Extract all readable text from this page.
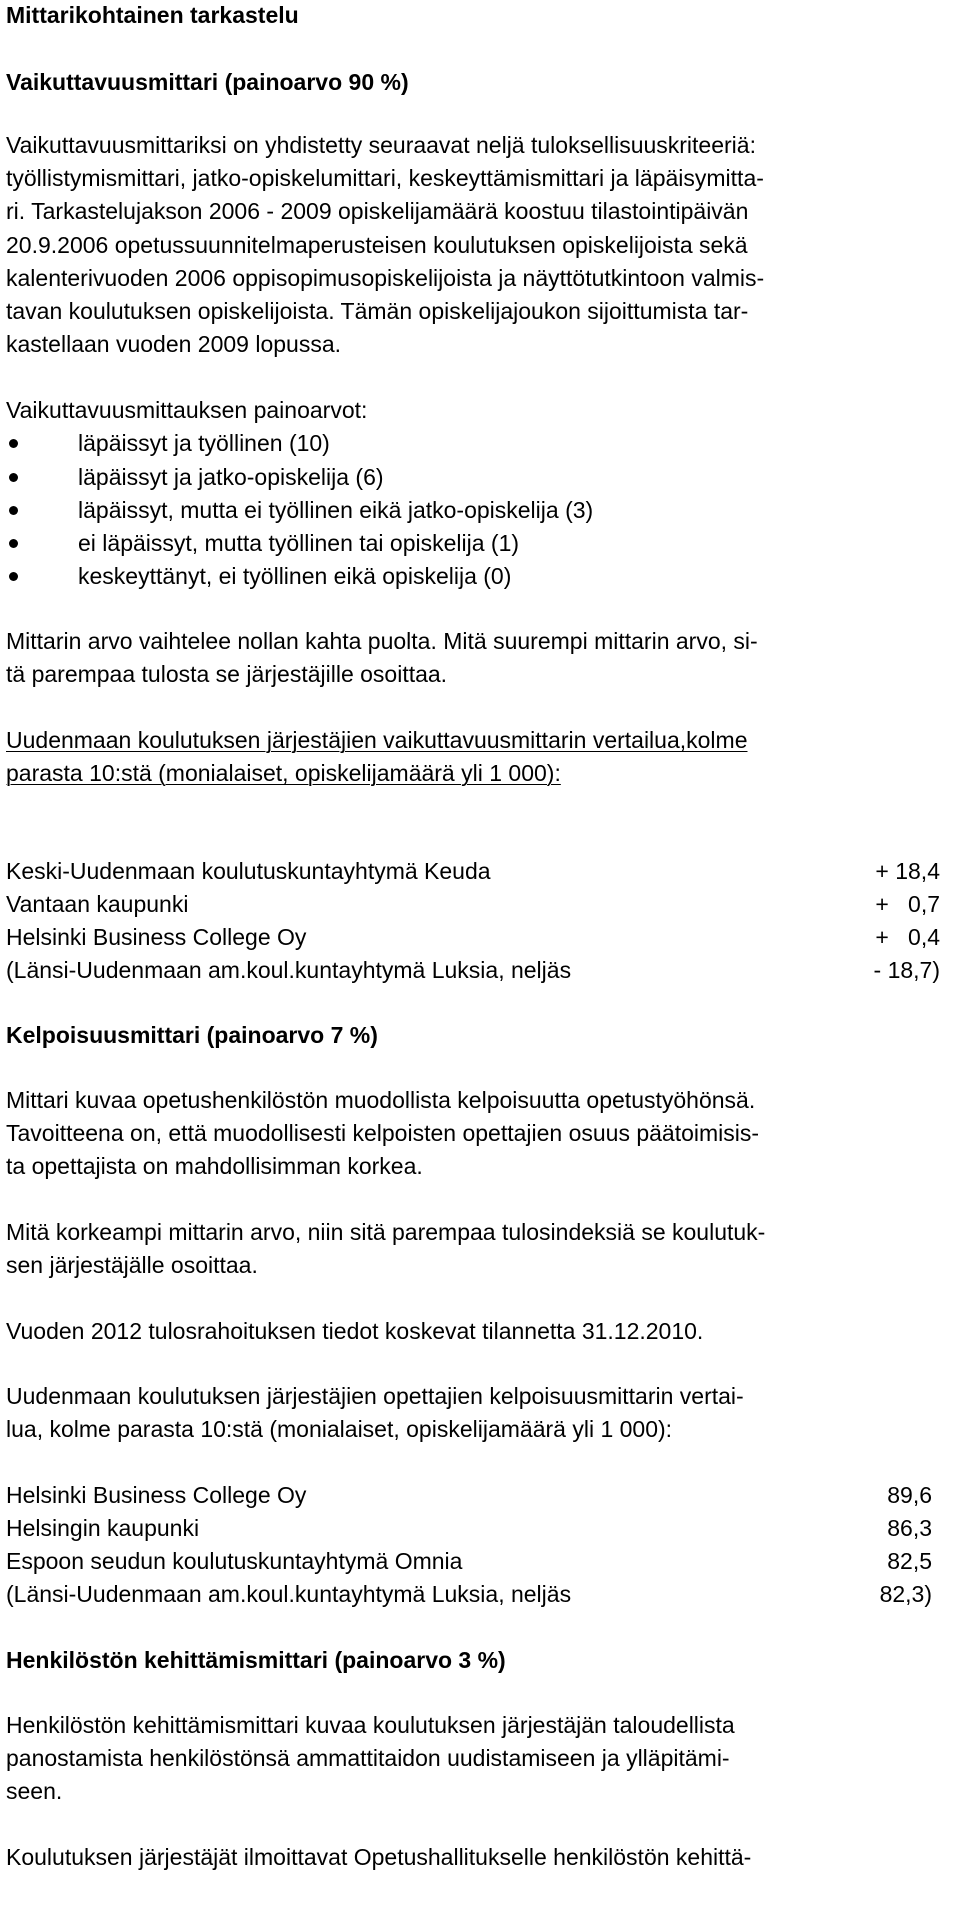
Mittarikohtainen tarkastelu
Vaikuttavuusmittari (painoarvo 90 %)
Vaikuttavuusmittariksi on yhdistetty seuraavat neljä tuloksellisuuskriteeriä:
työllistymismittari, jatko-opiskelumittari, keskeyttämismittari ja läpäisymitta-
ri. Tarkastelujakson 2006 - 2009 opiskelijamäärä koostuu tilastointipäivän
20.9.2006 opetussuunnitelmaperusteisen koulutuksen opiskelijoista sekä
kalenterivuoden 2006 oppisopimusopiskelijoista ja näyttötutkintoon valmis-
tavan koulutuksen opiskelijoista. Tämän opiskelijajoukon sijoittumista tar-
kastellaan vuoden 2009 lopussa.
Vaikuttavuusmittauksen painoarvot:
läpäissyt ja työllinen (10)
läpäissyt ja jatko-opiskelija (6)
läpäissyt, mutta ei työllinen eikä jatko-opiskelija (3)
ei läpäissyt, mutta työllinen tai opiskelija (1)
keskeyttänyt, ei työllinen eikä opiskelija (0)
Mittarin arvo vaihtelee nollan kahta puolta. Mitä suurempi mittarin arvo, si-
tä parempaa tulosta se järjestäjille osoittaa.
Uudenmaan koulutuksen järjestäjien vaikuttavuusmittarin vertailua,kolme
parasta 10:stä (monialaiset, opiskelijamäärä yli 1 000):
Keski-Uudenmaan koulutuskuntayhtymä Keuda	+ 18,4
Vantaan kaupunki	+   0,7
Helsinki Business College Oy	+   0,4
(Länsi-Uudenmaan am.koul.kuntayhtymä Luksia, neljäs	- 18,7)
Kelpoisuusmittari (painoarvo 7 %)
Mittari kuvaa opetushenkilöstön muodollista kelpoisuutta opetustyöhönsä.
Tavoitteena on, että muodollisesti kelpoisten opettajien osuus päätoimisis-
ta opettajista on mahdollisimman korkea.
Mitä korkeampi mittarin arvo, niin sitä parempaa tulosindeksiä se koulutuk-
sen järjestäjälle osoittaa.
Vuoden 2012 tulosrahoituksen tiedot koskevat tilannetta 31.12.2010.
Uudenmaan koulutuksen järjestäjien opettajien kelpoisuusmittarin vertai-
lua, kolme parasta 10:stä (monialaiset, opiskelijamäärä yli 1 000):
Helsinki Business College Oy	89,6
Helsingin kaupunki	86,3
Espoon seudun koulutuskuntayhtymä Omnia	82,5
(Länsi-Uudenmaan am.koul.kuntayhtymä Luksia, neljäs	82,3)
Henkilöstön kehittämismittari (painoarvo 3 %)
Henkilöstön kehittämismittari kuvaa koulutuksen järjestäjän taloudellista
panostamista henkilöstönsä ammattitaidon uudistamiseen ja ylläpitämi-
seen.
Koulutuksen järjestäjät ilmoittavat Opetushallitukselle henkilöstön kehittä-
